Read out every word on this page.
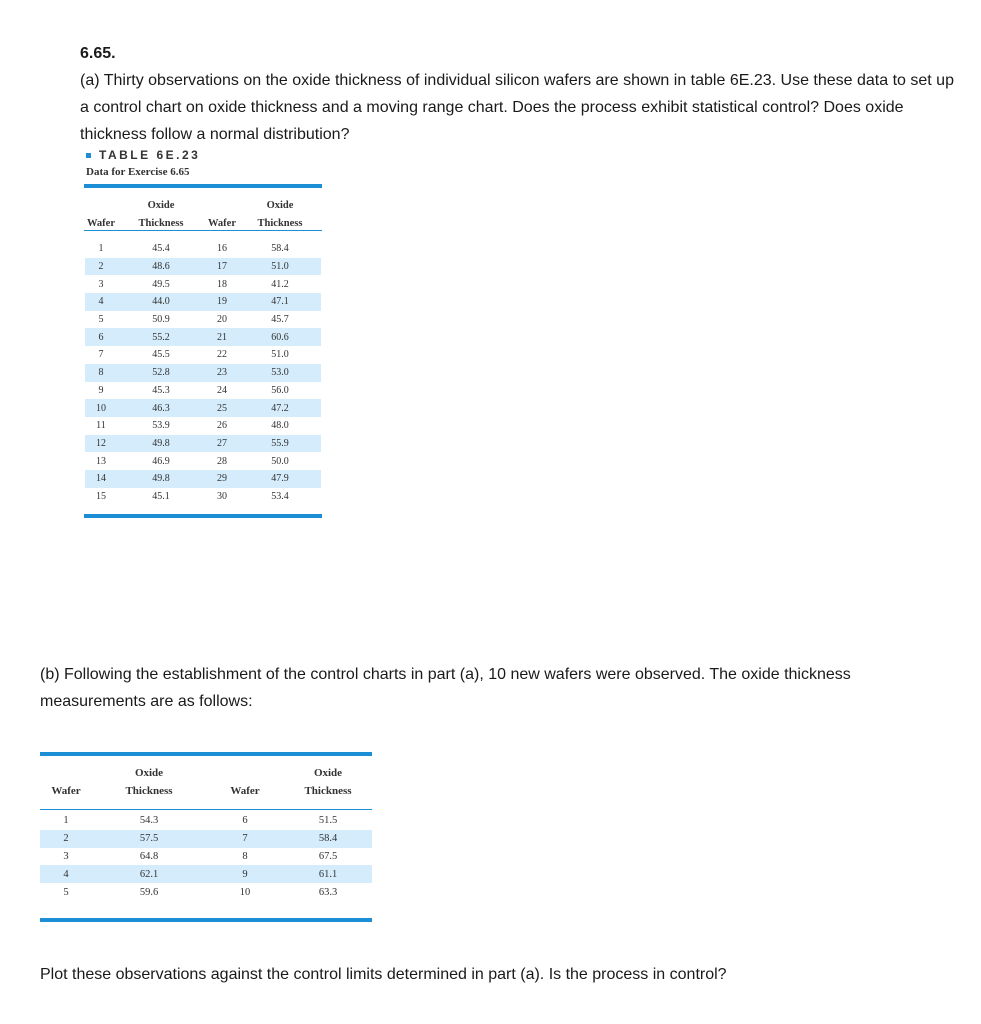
6.65.
(a) Thirty observations on the oxide thickness of individual silicon wafers are shown in table 6E.23. Use these data to set up a control chart on oxide thickness and a moving range chart. Does the process exhibit statistical control? Does oxide thickness follow a normal distribution?
TABLE 6E.23
Data for Exercise 6.65
	Oxide		Oxide
Wafer	Thickness	Wafer	Thickness

1	45.4	16	58.4
2	48.6	17	51.0
3	49.5	18	41.2
4	44.0	19	47.1
5	50.9	20	45.7
6	55.2	21	60.6
7	45.5	22	51.0
8	52.8	23	53.0
9	45.3	24	56.0
10	46.3	25	47.2
11	53.9	26	48.0
12	49.8	27	55.9
13	46.9	28	50.0
14	49.8	29	47.9
15	45.1	30	53.4
(b) Following the establishment of the control charts in part (a), 10 new wafers were observed. The oxide thickness measurements are as follows:
	Oxide		Oxide
Wafer	Thickness	Wafer	Thickness

1	54.3	6	51.5
2	57.5	7	58.4
3	64.8	8	67.5
4	62.1	9	61.1
5	59.6	10	63.3
Plot these observations against the control limits determined in part (a). Is the process in control?
